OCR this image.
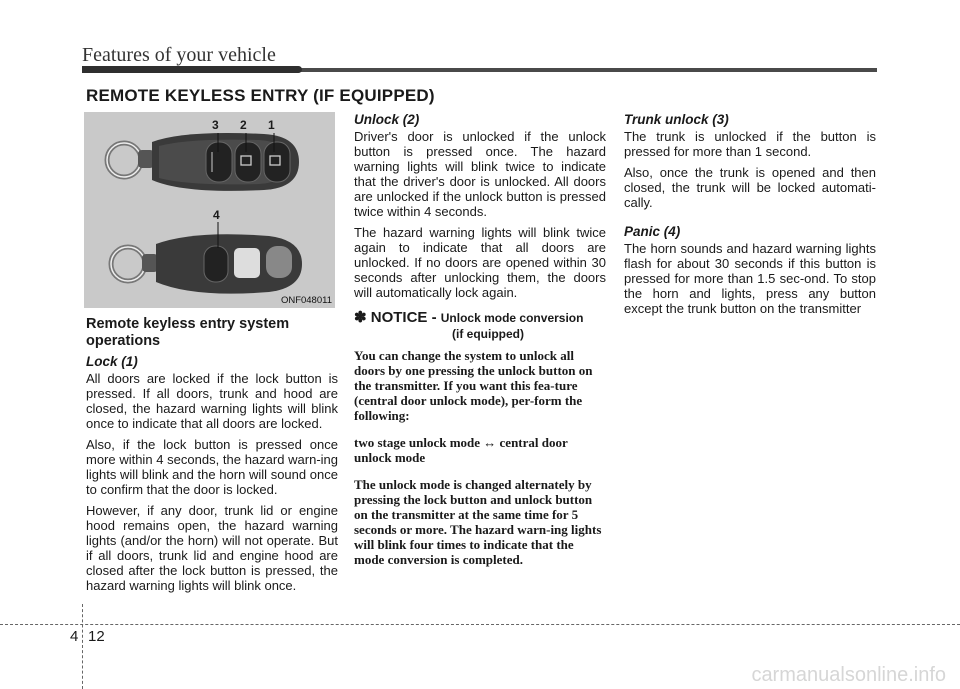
Features of your vehicle
REMOTE KEYLESS ENTRY (IF EQUIPPED)
3 2 1
4
ONF048011
Remote keyless entry system operations
Lock (1)

All doors are locked if the lock button is pressed. If all doors, trunk and hood are closed, the hazard warning lights will blink once to indicate that all doors are locked.

Also, if the lock button is pressed once more within 4 seconds, the hazard warn-ing lights will blink and the horn will sound once to confirm that the door is locked.

However, if any door, trunk lid or engine hood remains open, the hazard warning lights (and/or the horn) will not operate. But if all doors, trunk lid and engine hood are closed after the lock button is pressed, the hazard warning lights will blink once.

Unlock (2)

Driver's door is unlocked if the unlock button is pressed once. The hazard warning lights will blink twice to indicate that the driver's door is unlocked. All doors are unlocked if the unlock button is pressed twice within 4 seconds.

The hazard warning lights will blink twice again to indicate that all doors are unlocked. If no doors are opened within 30 seconds after unlocking them, the doors will automatically lock again.

✽ NOTICE - Unlock mode conversion
(if equipped)
You can change the system to unlock all doors by one pressing the unlock button on the transmitter. If you want this fea-ture (central door unlock mode), per-form the following:
two stage unlock mode ↔ central door unlock mode
The unlock mode is changed alternately by pressing the lock button and unlock button on the transmitter at the same time for 5 seconds or more. The hazard warn-ing lights will blink four times to indicate that the mode conversion is completed.
Trunk unlock (3)

The trunk is unlocked if the button is pressed for more than 1 second.

Also, once the trunk is opened and then closed, the trunk will be locked automati-cally.

Panic (4)

The horn sounds and hazard warning lights flash for about 30 seconds if this button is pressed for more than 1.5 sec-ond. To stop the horn and lights, press any button except the trunk button on the transmitter

4 12
carmanualsonline.info
